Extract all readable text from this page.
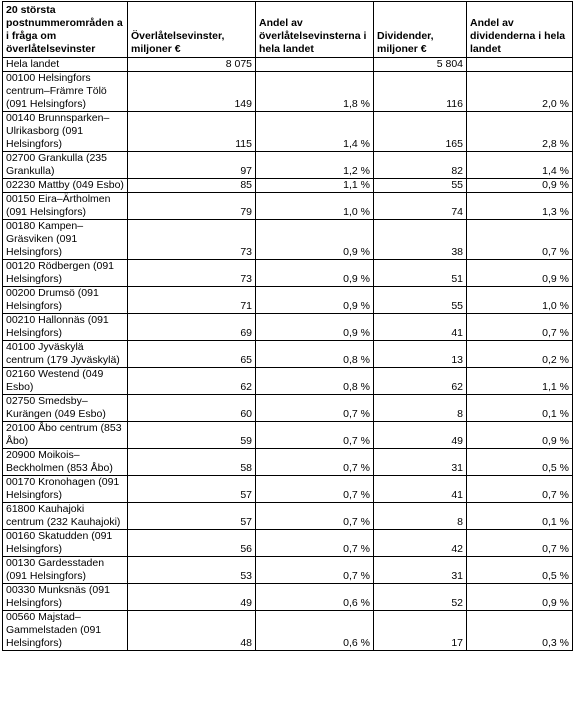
20 största postnummerområden a i fråga om överlåtelsevinster	Överlåtelsevinster, miljoner €	Andel av överlåtelsevinsterna i hela landet	Dividender, miljoner €	Andel av dividenderna i hela landet
Hela landet	8 075		5 804	
00100 Helsingfors centrum–Främre Tölö (091 Helsingfors)	149	1,8 %	116	2,0 %
00140 Brunnsparken–Ulrikasborg (091 Helsingfors)	115	1,4 %	165	2,8 %
02700 Grankulla (235 Grankulla)	97	1,2 %	82	1,4 %
02230 Mattby (049 Esbo)	85	1,1 %	55	0,9 %
00150 Eira–Ärtholmen (091 Helsingfors)	79	1,0 %	74	1,3 %
00180 Kampen–Gräsviken (091 Helsingfors)	73	0,9 %	38	0,7 %
00120 Rödbergen (091 Helsingfors)	73	0,9 %	51	0,9 %
00200 Drumsö (091 Helsingfors)	71	0,9 %	55	1,0 %
00210 Hallonnäs (091 Helsingfors)	69	0,9 %	41	0,7 %
40100 Jyväskylä centrum (179 Jyväskylä)	65	0,8 %	13	0,2 %
02160 Westend (049 Esbo)	62	0,8 %	62	1,1 %
02750 Smedsby–Kurängen (049 Esbo)	60	0,7 %	8	0,1 %
20100 Åbo centrum (853 Åbo)	59	0,7 %	49	0,9 %
20900 Moikois–Beckholmen (853 Åbo)	58	0,7 %	31	0,5 %
00170 Kronohagen (091 Helsingfors)	57	0,7 %	41	0,7 %
61800 Kauhajoki centrum (232 Kauhajoki)	57	0,7 %	8	0,1 %
00160 Skatudden (091 Helsingfors)	56	0,7 %	42	0,7 %
00130 Gardesstaden (091 Helsingfors)	53	0,7 %	31	0,5 %
00330 Munksnäs (091 Helsingfors)	49	0,6 %	52	0,9 %
00560 Majstad–Gammelstaden (091 Helsingfors)	48	0,6 %	17	0,3 %
